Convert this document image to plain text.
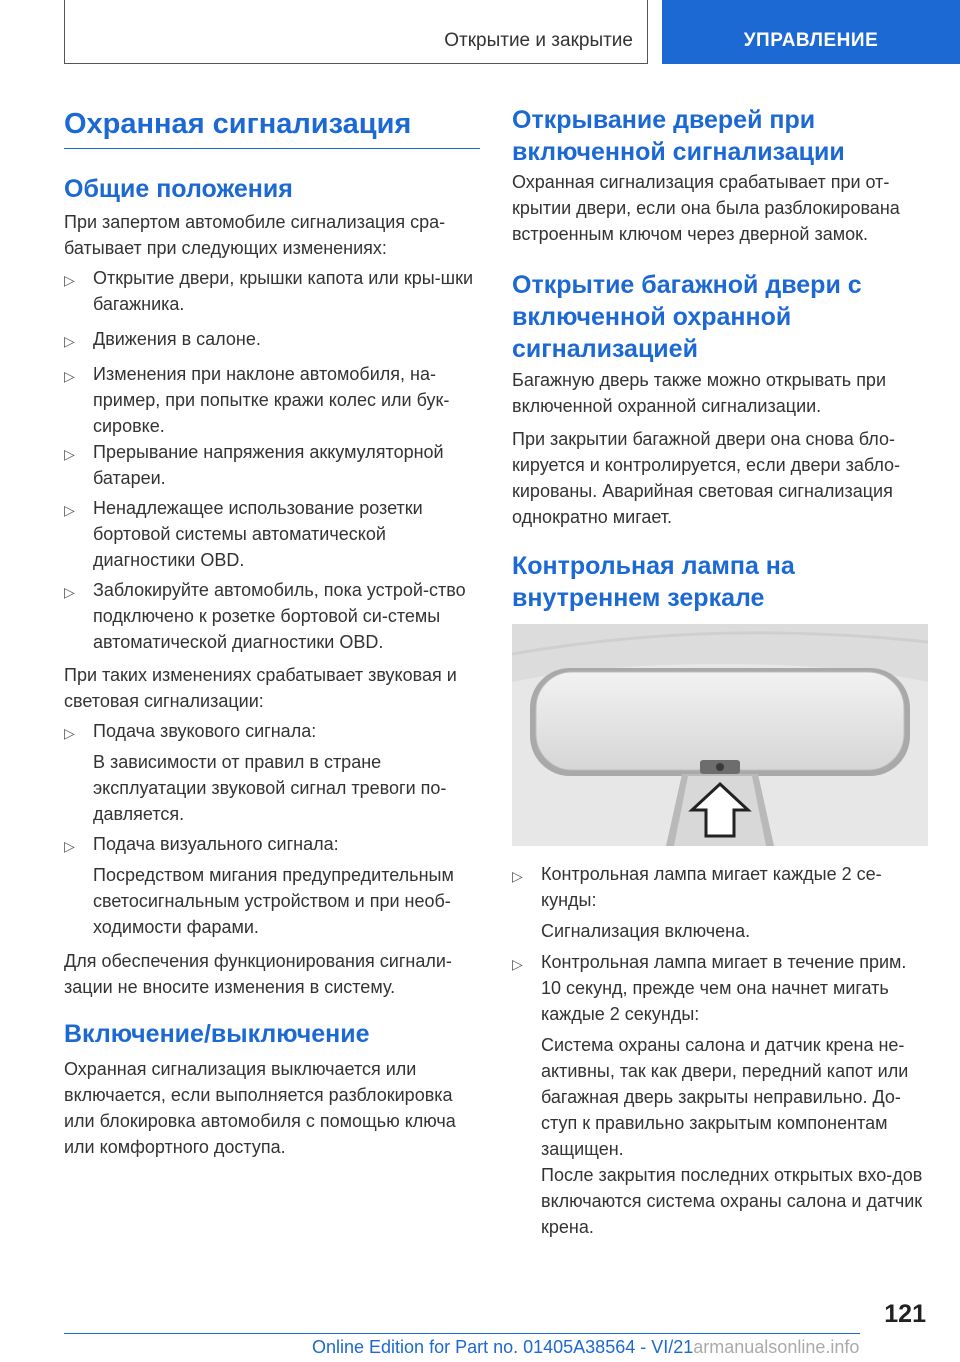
Открытие и закрытие	УПРАВЛЕНИЕ
Охранная сигнализация
Общие положения

При запертом автомобиле сигнализация сра-батывает при следующих изменениях:

▷ Открытие двери, крышки капота или кры-шки багажника.
▷ Движения в салоне.
▷ Изменения при наклоне автомобиля, на-пример, при попытке кражи колес или бук-сировке.
▷ Прерывание напряжения аккумуляторной батареи.
▷ Ненадлежащее использование розетки бортовой системы автоматической диагностики OBD.
▷ Заблокируйте автомобиль, пока устрой-ство подключено к розетке бортовой си-стемы автоматической диагностики OBD.

При таких изменениях срабатывает звуковая и световая сигнализации:

▷ Подача звукового сигнала:

В зависимости от правил в стране эксплуатации звуковой сигнал тревоги по-давляется.

▷ Подача визуального сигнала:

Посредством мигания предупредительным светосигнальным устройством и при необ-ходимости фарами.

Для обеспечения функционирования сигнали-зации не вносите изменения в систему.

Включение/выключение

Охранная сигнализация выключается или включается, если выполняется разблокировка или блокировка автомобиля с помощью ключа или комфортного доступа.

Открывание дверей при включенной сигнализации

Охранная сигнализация срабатывает при от-крытии двери, если она была разблокирована встроенным ключом через дверной замок.

Открытие багажной двери с включенной охранной сигнализацией

Багажную дверь также можно открывать при включенной охранной сигнализации.

При закрытии багажной двери она снова бло-кируется и контролируется, если двери забло-кированы. Аварийная световая сигнализация однократно мигает.

Контрольная лампа на внутреннем зеркале
▷ Контрольная лампа мигает каждые 2 се-кунды:

Сигнализация включена.

▷ Контрольная лампа мигает в течение прим. 10 секунд, прежде чем она начнет мигать каждые 2 секунды:

Система охраны салона и датчик крена не-активны, так как двери, передний капот или багажная дверь закрыты неправильно. До-ступ к правильно закрытым компонентам защищен.

После закрытия последних открытых вхо-дов включаются система охраны салона и датчик крена.

121
Online Edition for Part no. 01405A38564 - VI/21armanualsonline.info
